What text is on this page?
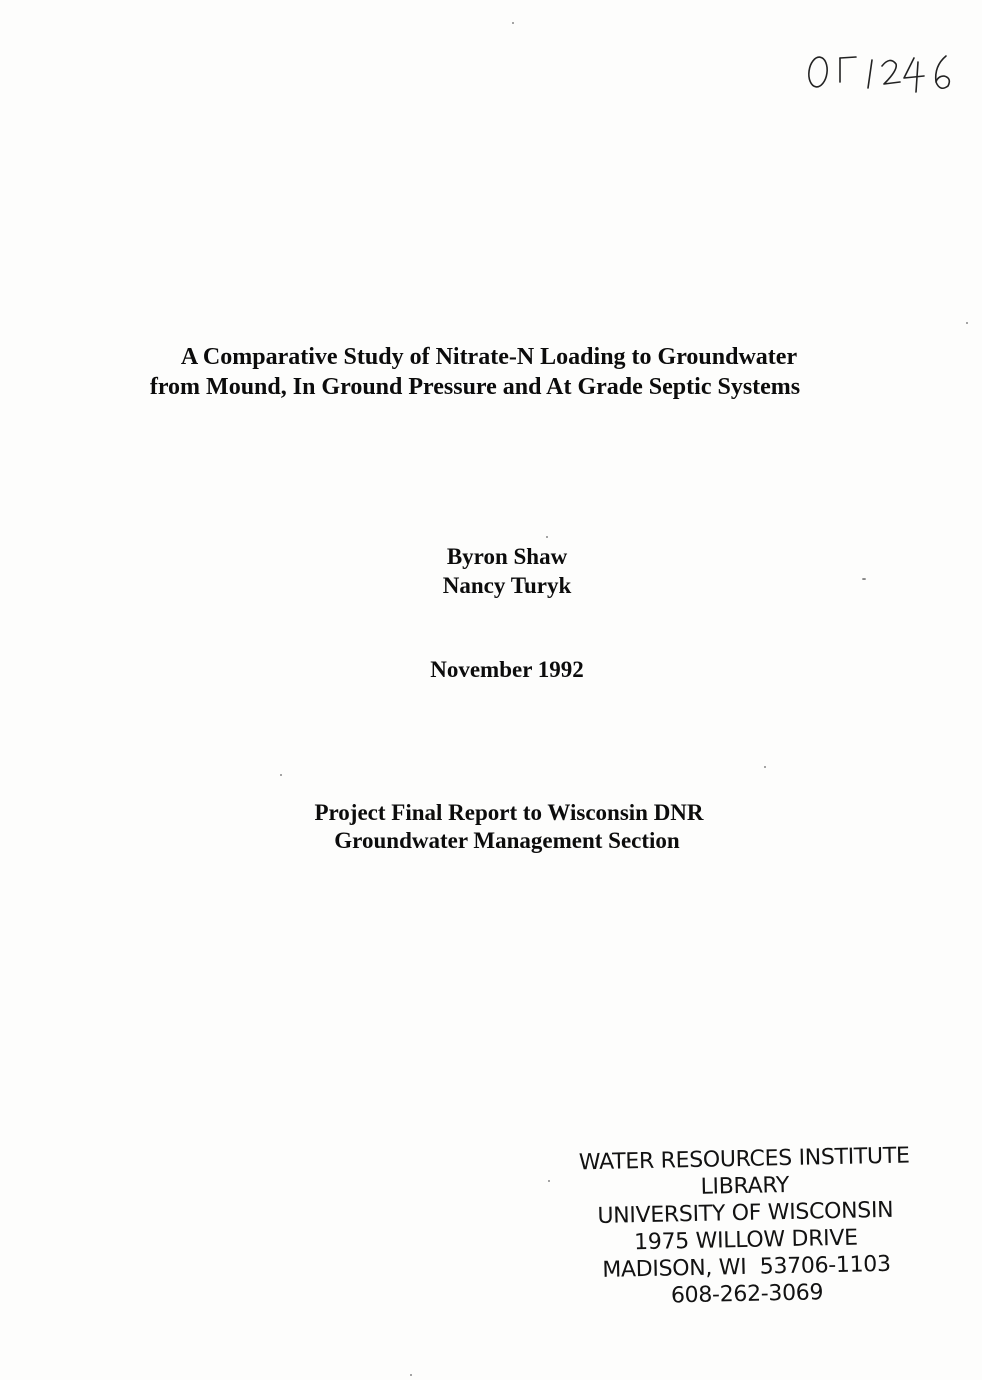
A Comparative Study of Nitrate-N Loading to Groundwater
from Mound, In Ground Pressure and At Grade Septic Systems
Byron Shaw
Nancy Turyk
November 1992
Project Final Report to Wisconsin DNR
Groundwater Management Section
WATER RESOURCES INSTITUTE
LIBRARY
UNIVERSITY OF WISCONSIN
1975 WILLOW DRIVE
MADISON, WI  53706-1103
608-262-3069
